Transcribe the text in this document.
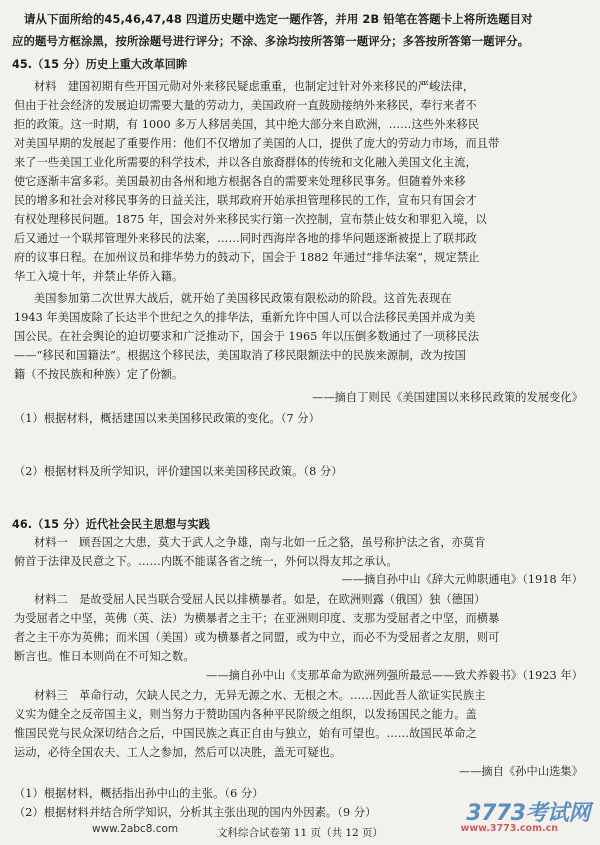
请从下面所给的45,46,47,48 四道历史题中选定一题作答，并用 2B 铅笔在答题卡上将所选题目对
应的题号方框涂黑，按所涂题号进行评分；不涂、多涂均按所答第一题评分；多答按所答第一题评分。
45.（15 分）历史上重大改革回眸
材料　建国初期有些开国元勋对外来移民疑虑重重，也制定过针对外来移民的严峻法律，
但由于社会经济的发展迫切需要大量的劳动力，美国政府一直鼓励接纳外来移民，奉行来者不
拒的政策。这一时期，有 1000 多万人移居美国，其中绝大部分来自欧洲，……这些外来移民
对美国早期的发展起了重要作用：他们不仅增加了美国的人口，提供了庞大的劳动力市场，而且带
来了一些美国工业化所需要的科学技术，并以各自旅裔群体的传统和文化融入美国文化主流，
使它逐渐丰富多彩。美国最初由各州和地方根据各自的需要来处理移民事务。但随着外来移
民的增多和社会对移民事务的日益关注，联邦政府开始承担管理移民的工作，宣布只有国会才
有权处理移民问题。1875 年，国会对外来移民实行第一次控制，宣布禁止妓女和罪犯入境，以
后又通过一个联邦管理外来移民的法案，……同时西海岸各地的排华问题逐渐被提上了联邦政
府的议事日程。在加州议员和排华势力的鼓动下，国会于 1882 年通过“排华法案”，规定禁止
华工入境十年，并禁止华侨入籍。
美国参加第二次世界大战后，就开始了美国移民政策有限松动的阶段。这首先表现在
1943 年美国废除了长达半个世纪之久的排华法，重新允许中国人可以合法移民美国并成为美
国公民。在社会舆论的迫切要求和广泛推动下，国会于 1965 年以压倒多数通过了一项移民法
——“移民和国籍法”。根据这个移民法，美国取消了移民限额法中的民族来源制，改为按国
籍（不按民族和种族）定了份额。
——摘自丁则民《美国建国以来移民政策的发展变化》
（1）根据材料，概括建国以来美国移民政策的变化。（7 分）
（2）根据材料及所学知识，评价建国以来美国移民政策。（8 分）
46.（15 分）近代社会民主思想与实践
材料一　顾吾国之大患，莫大于武人之争雄，南与北如一丘之貉，虽号称护法之省，亦莫肯
俯首于法律及民意之下。……内既不能谋各省之统一，外何以得友邦之承认。
——摘自孙中山《辞大元帅职通电》（1918 年）
材料二　是故受屈人民当联合受屈人民以排横暴者。如是，在欧洲则露（俄国）独（德国）
为受屈者之中坚，英佛（英、法）为横暴者之主干；在亚洲则印度、支那为受屈者之中坚，而横暴
者之主干亦为英佛；而米国（美国）或为横暴者之同盟，或为中立，而必不为受屈者之友朋，则可
断言也。惟日本则尚在不可知之数。
——摘自孙中山《支那革命为欧洲列强所最忌——致犬养毅书》（1923 年）
材料三　革命行动，欠缺人民之力，无异无源之水、无根之木。……因此吾人欲证实民族主
义实为健全之反帝国主义，则当努力于赞助国内各种平民阶级之组织，以发扬国民之能力。盖
惟国民党与民众深切结合之后，中国民族之真正自由与独立，始有可望也。……故国民革命之
运动，必待全国农夫、工人之参加，然后可以决胜，盖无可疑也。
——摘自《孙中山选集》
（1）根据材料，概括指出孙中山的主张。（6 分）
（2）根据材料并结合所学知识，分析其主张出现的国内外因素。（9 分）
www.2abc8.com	文科综合试卷第 11 页（共 12 页）
3773考试网
www.3773.com.cn
